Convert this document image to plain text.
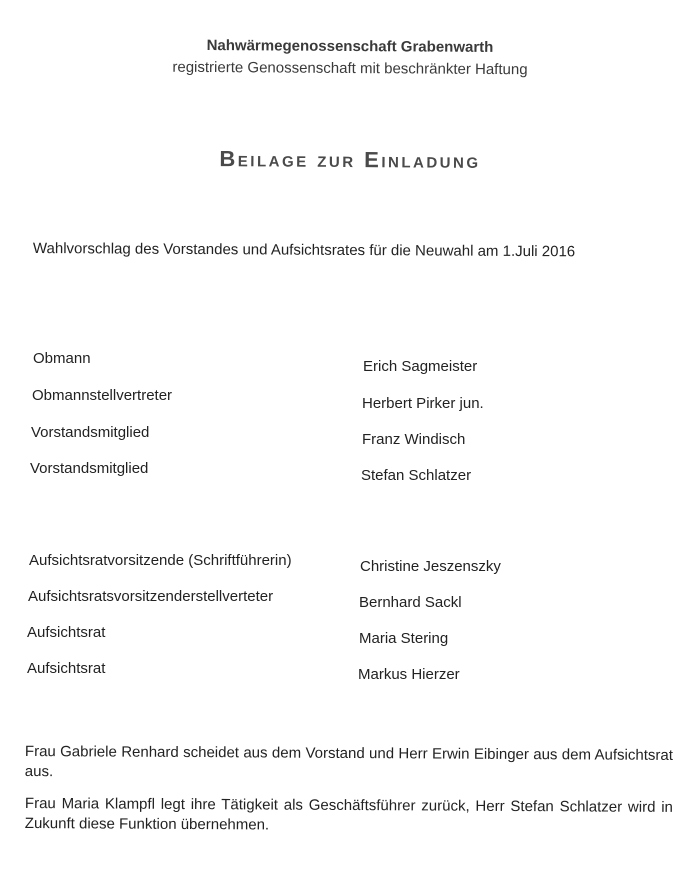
Nahwärmegenossenschaft Grabenwarth
registrierte Genossenschaft mit beschränkter Haftung
Beilage zur Einladung
Wahlvorschlag des Vorstandes und Aufsichtsrates für die Neuwahl am 1.Juli 2016
Obmann	Erich Sagmeister
Obmannstellvertreter	Herbert Pirker jun.
Vorstandsmitglied	Franz Windisch
Vorstandsmitglied	Stefan Schlatzer
Aufsichtsratvorsitzende (Schriftführerin)	Christine Jeszenszky
Aufsichtsratsvorsitzenderstellverteter	Bernhard Sackl
Aufsichtsrat	Maria Stering
Aufsichtsrat	Markus Hierzer
Frau Gabriele Renhard scheidet aus dem Vorstand und Herr Erwin Eibinger aus dem Aufsichtsrat aus.
Frau Maria Klampfl legt ihre Tätigkeit als Geschäftsführer zurück, Herr Stefan Schlatzer wird in Zukunft diese Funktion übernehmen.
